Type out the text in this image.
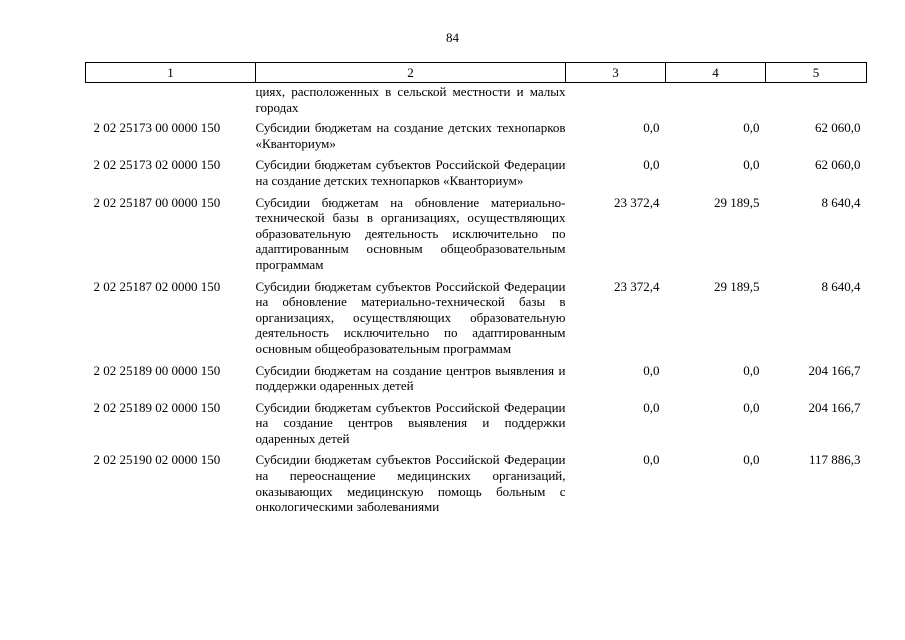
84
1	2	3	4	5
	циях, расположенных в сельской местности и малых городах			
2 02 25173 00 0000 150	Субсидии бюджетам на создание детских технопарков «Кванториум»	0,0	0,0	62 060,0
2 02 25173 02 0000 150	Субсидии бюджетам субъектов Российской Федерации на создание детских технопарков «Кванториум»	0,0	0,0	62 060,0
2 02 25187 00 0000 150	Субсидии бюджетам на обновление материально-технической базы в организациях, осуществляющих образовательную деятельность исключительно по адаптированным основным общеобразовательным программам	23 372,4	29 189,5	8 640,4
2 02 25187 02 0000 150	Субсидии бюджетам субъектов Российской Федерации на обновление материально-технической базы в организациях, осуществляющих образовательную деятельность исключительно по адаптированным основным общеобразовательным программам	23 372,4	29 189,5	8 640,4
2 02 25189 00 0000 150	Субсидии бюджетам на создание центров выявления и поддержки одаренных детей	0,0	0,0	204 166,7
2 02 25189 02 0000 150	Субсидии бюджетам субъектов Российской Федерации на создание центров выявления и поддержки одаренных детей	0,0	0,0	204 166,7
2 02 25190 02 0000 150	Субсидии бюджетам субъектов Российской Федерации на переоснащение медицинских организаций, оказывающих медицинскую помощь больным с онкологическими заболеваниями	0,0	0,0	117 886,3
